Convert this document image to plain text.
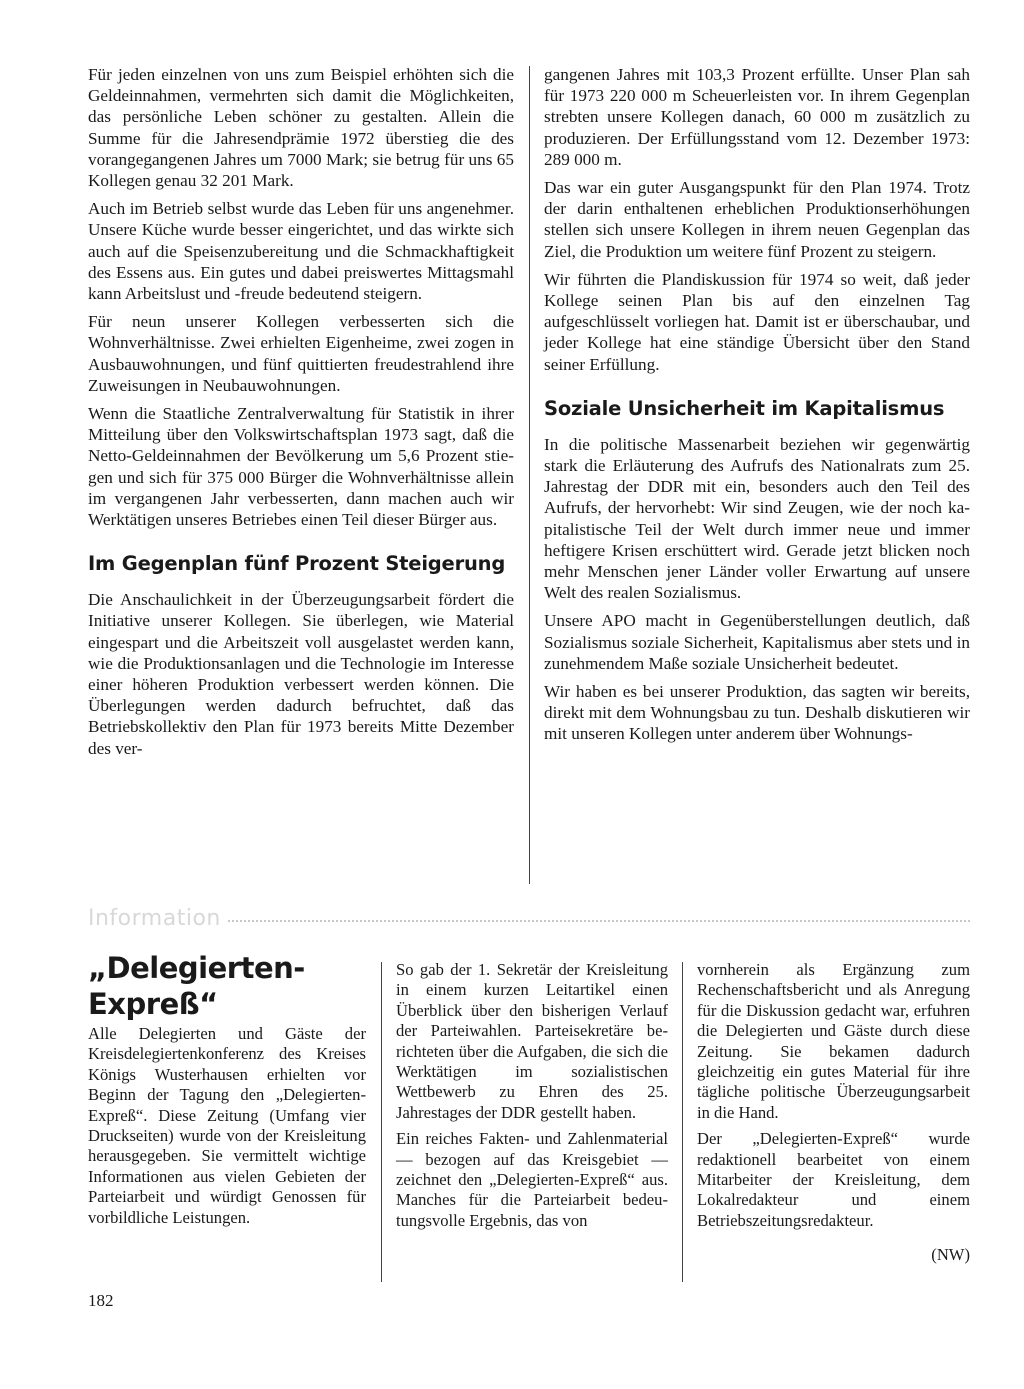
Für jeden einzelnen von uns zum Beispiel erhöhten sich die Geldeinnahmen, vermehrten sich damit die Möglichkeiten, das persönliche Leben schöner zu gestalten. Allein die Summe für die Jahresendprämie 1972 überstieg die des vorangegangenen Jahres um 7000 Mark; sie betrug für uns 65 Kollegen genau 32 201 Mark.

Auch im Betrieb selbst wurde das Leben für uns angenehmer. Unsere Küche wurde besser eingerichtet, und das wirkte sich auch auf die Speisenzubereitung und die Schmackhaftigkeit des Essens aus. Ein gutes und dabei preiswertes Mittagsmahl kann Arbeitslust und -freude bedeutend steigern.

Für neun unserer Kollegen verbesserten sich die Wohnverhältnisse. Zwei erhielten Eigenheime, zwei zogen in Ausbauwohnungen, und fünf quittierten freudestrahlend ihre Zuweisungen in Neubauwohnungen.

Wenn die Staatliche Zentralverwaltung für Statistik in ihrer Mitteilung über den Volkswirtschaftsplan 1973 sagt, daß die Netto-Geldeinnahmen der Bevölkerung um 5,6 Prozent stiegen und sich für 375 000 Bürger die Wohnverhältnisse allein im vergangenen Jahr verbesserten, dann machen auch wir Werktätigen unseres Betriebes einen Teil dieser Bürger aus.

Im Gegenplan fünf Prozent Steigerung

Die Anschaulichkeit in der Überzeugungsarbeit fördert die Initiative unserer Kollegen. Sie überlegen, wie Material eingespart und die Arbeitszeit voll ausgelastet werden kann, wie die Produktionsanlagen und die Technologie im Interesse einer höheren Produktion verbessert werden können. Die Überlegungen werden dadurch befruchtet, daß das Betriebskollektiv den Plan für 1973 bereits Mitte Dezember des ver-

gangenen Jahres mit 103,3 Prozent erfüllte. Unser Plan sah für 1973 220 000 m Scheuerleisten vor. In ihrem Gegenplan strebten unsere Kollegen danach, 60 000 m zusätzlich zu produzieren. Der Erfüllungsstand vom 12. Dezember 1973: 289 000 m.

Das war ein guter Ausgangspunkt für den Plan 1974. Trotz der darin enthaltenen erheblichen Produktionserhöhungen stellen sich unsere Kollegen in ihrem neuen Gegenplan das Ziel, die Produktion um weitere fünf Prozent zu steigern.

Wir führten die Plandiskussion für 1974 so weit, daß jeder Kollege seinen Plan bis auf den einzelnen Tag aufgeschlüsselt vorliegen hat. Damit ist er überschaubar, und jeder Kollege hat eine ständige Übersicht über den Stand seiner Erfüllung.

Soziale Unsicherheit im Kapitalismus

In die politische Massenarbeit beziehen wir gegenwärtig stark die Erläuterung des Aufrufs des Nationalrats zum 25. Jahrestag der DDR mit ein, besonders auch den Teil des Aufrufs, der hervorhebt: Wir sind Zeugen, wie der noch kapitalistische Teil der Welt durch immer neue und immer heftigere Krisen erschüttert wird. Gerade jetzt blicken noch mehr Menschen jener Länder voller Erwartung auf unsere Welt des realen Sozialismus.

Unsere APO macht in Gegenüberstellungen deutlich, daß Sozialismus soziale Sicherheit, Kapitalismus aber stets und in zunehmendem Maße soziale Unsicherheit bedeutet.

Wir haben es bei unserer Produktion, das sagten wir bereits, direkt mit dem Wohnungsbau zu tun. Deshalb diskutieren wir mit unseren Kollegen unter anderem über Wohnungs-

Information
„Delegierten-Expreß“

Alle Delegierten und Gäste der Kreisdelegiertenkonferenz des Kreises Königs Wusterhausen erhielten vor Beginn der Tagung den „Delegierten-Expreß“. Diese Zeitung (Umfang vier Druckseiten) wurde von der Kreisleitung herausgegeben. Sie vermittelt wichtige Informationen aus vielen Gebieten der Parteiarbeit und würdigt Genossen für vorbildliche Leistungen.

So gab der 1. Sekretär der Kreisleitung in einem kurzen Leitartikel einen Überblick über den bisherigen Verlauf der Parteiwahlen. Parteisekretäre berichteten über die Aufgaben, die sich die Werktätigen im sozialistischen Wettbewerb zu Ehren des 25. Jahrestages der DDR gestellt haben.

Ein reiches Fakten- und Zahlenmaterial — bezogen auf das Kreisgebiet — zeichnet den „Delegierten-Expreß“ aus. Manches für die Parteiarbeit bedeutungsvolle Ergebnis, das von

vornherein als Ergänzung zum Rechenschaftsbericht und als Anregung für die Diskussion gedacht war, erfuhren die Delegierten und Gäste durch diese Zeitung. Sie bekamen dadurch gleichzeitig ein gutes Material für ihre tägliche politische Überzeugungsarbeit in die Hand.

Der „Delegierten-Expreß“ wurde redaktionell bearbeitet von einem Mitarbeiter der Kreisleitung, dem Lokalredakteur und einem Betriebszeitungsredakteur.

(NW)
182
